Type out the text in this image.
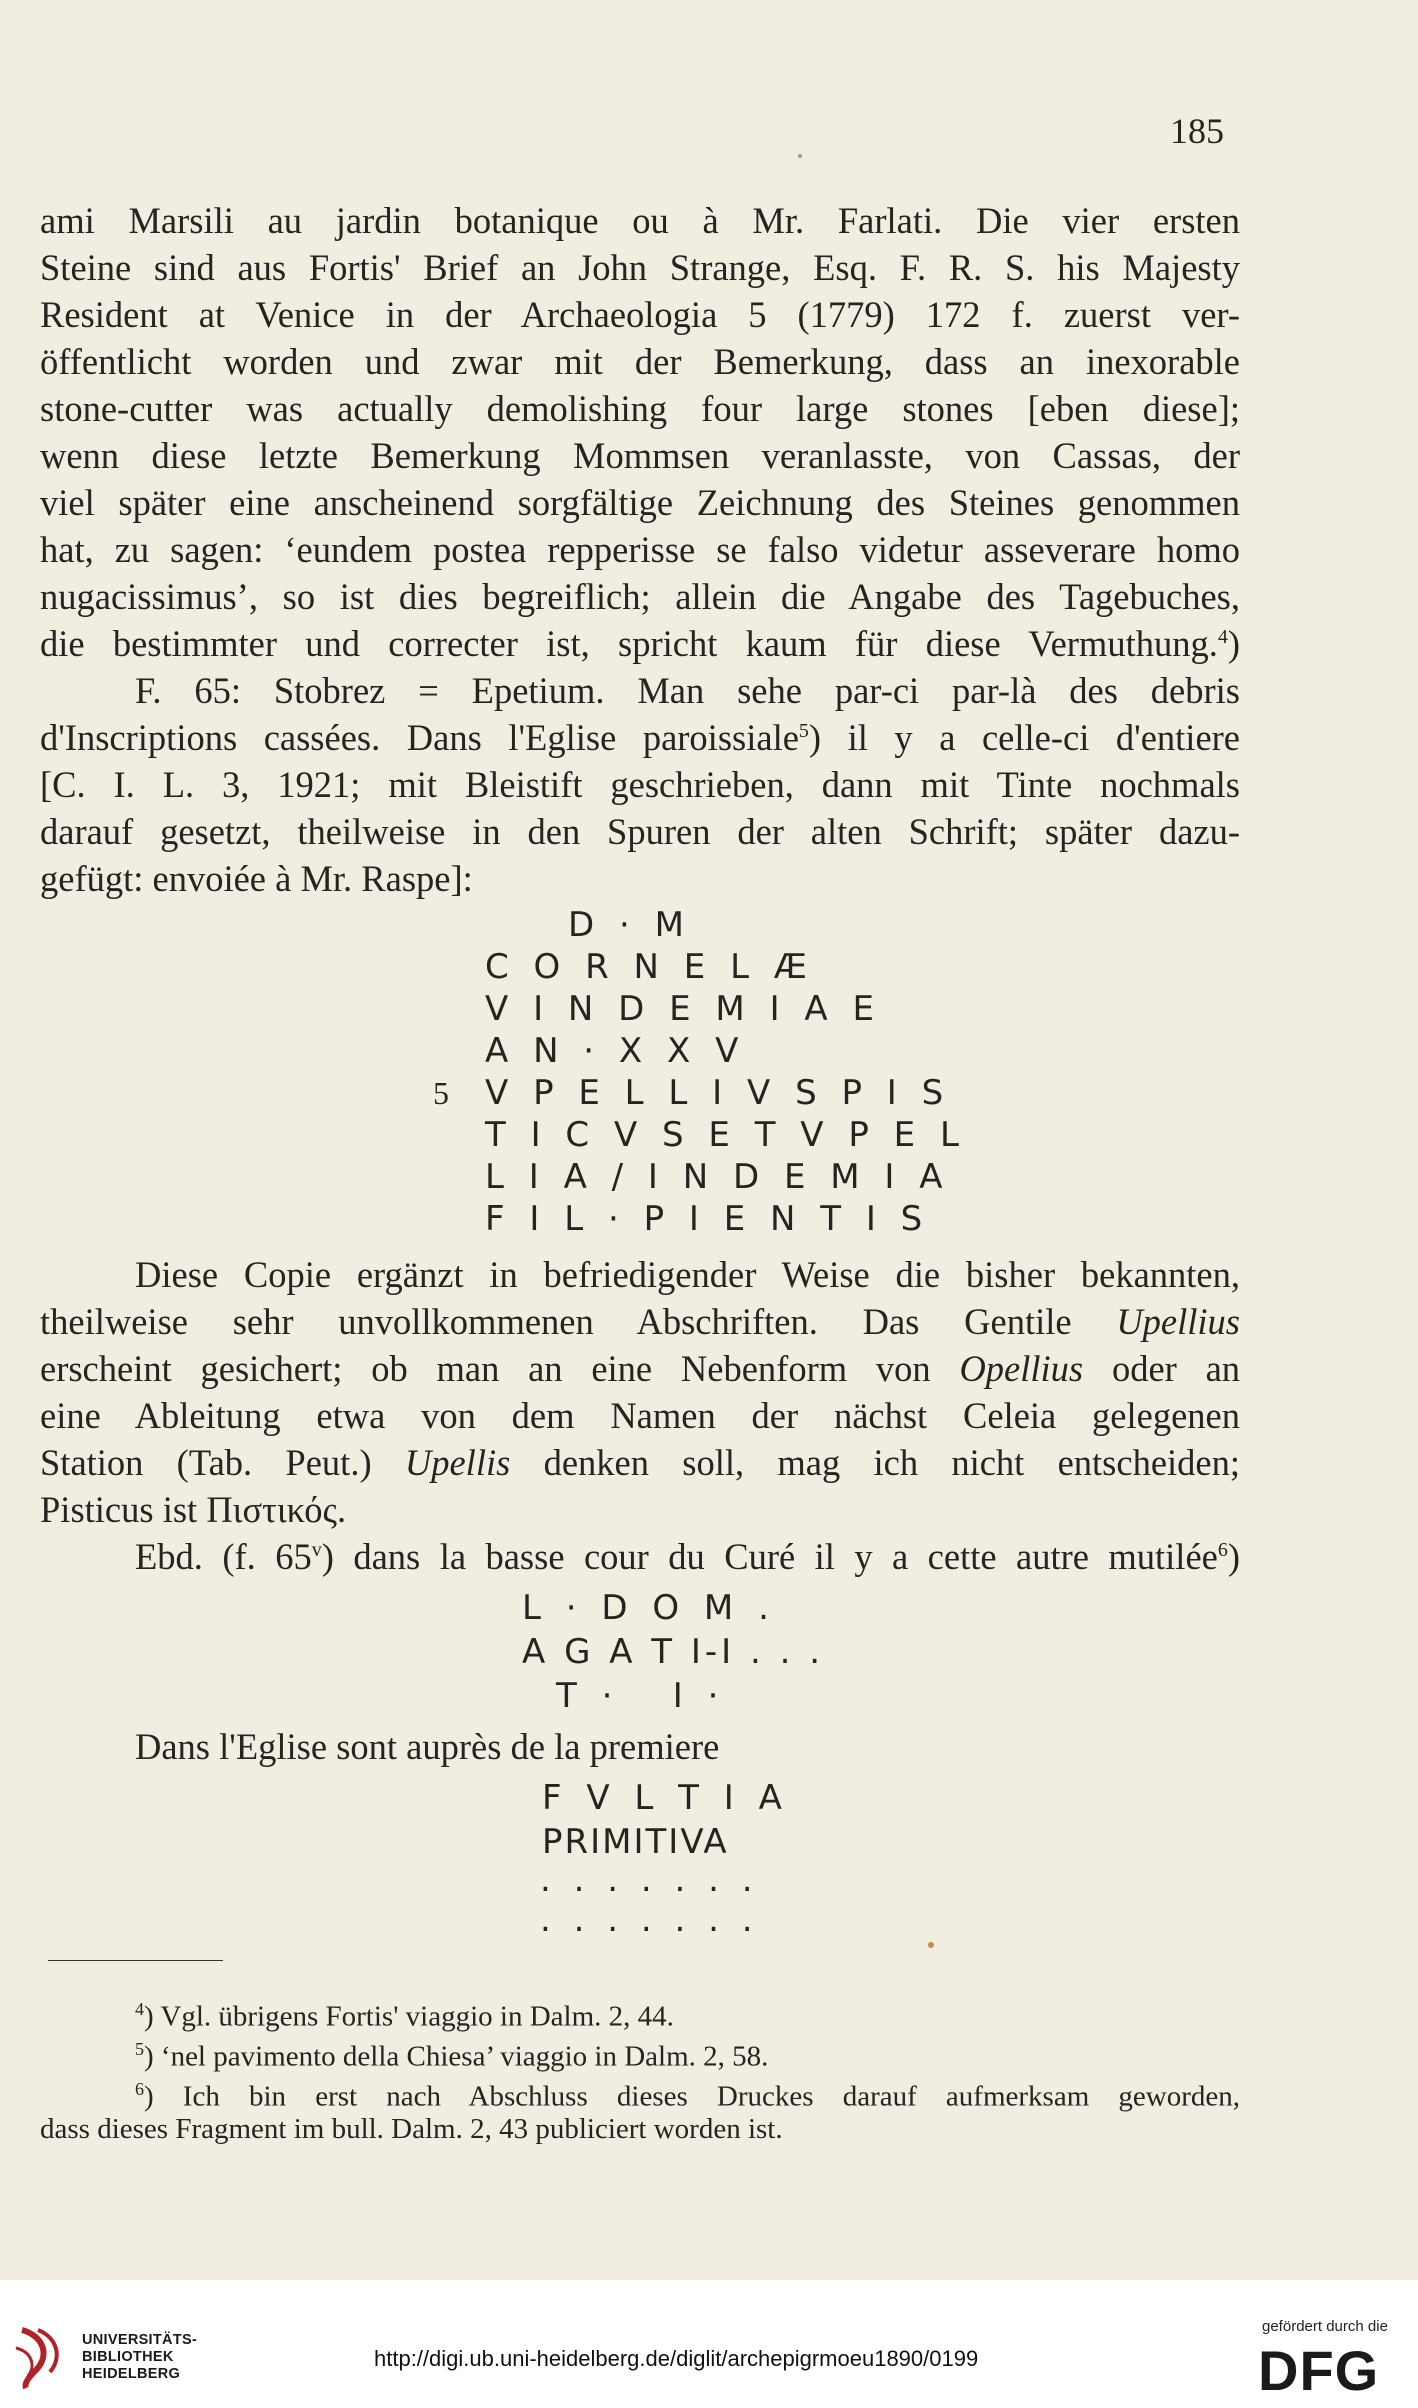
185
ami Marsili au jardin botanique ou à Mr. Farlati. Die vier ersten
Steine sind aus Fortis' Brief an John Strange, Esq. F. R. S. his Majesty
Resident at Venice in der Archaeologia 5 (1779) 172 f. zuerst ver-
öffentlicht worden und zwar mit der Bemerkung, dass an inexorable
stone-cutter was actually demolishing four large stones [eben diese];
wenn diese letzte Bemerkung Mommsen veranlasste, von Cassas, der
viel später eine anscheinend sorgfältige Zeichnung des Steines genommen
hat, zu sagen: ‘eundem postea repperisse se falso videtur asseverare homo
nugacissimus’, so ist dies begreiflich; allein die Angabe des Tagebuches,
die bestimmter und correcter ist, spricht kaum für diese Vermuthung.$^4$)
F. 65: Stobrez = Epetium. Man sehe par-ci par-là des debris
d'Inscriptions cassées. Dans l'Eglise paroissiale$^5$) il y a celle-ci d'entiere
[C. I. L. 3, 1921; mit Bleistift geschrieben, dann mit Tinte nochmals
darauf gesetzt, theilweise in den Spuren der alten Schrift; später dazu-
gefügt: envoiée à Mr. Raspe]:
D · M
C O R N E L Æ
V I N D E M I A E
A N · X X V
5 V P E L L I V S P I S
T I C V S E T V P E L
L I A / I N D E M I A
F I L · P I E N T I S
Diese Copie ergänzt in befriedigender Weise die bisher bekannten,
theilweise sehr unvollkommenen Abschriften. Das Gentile Upellius
erscheint gesichert; ob man an eine Nebenform von Opellius oder an
eine Ableitung etwa von dem Namen der nächst Celeia gelegenen
Station (Tab. Peut.) Upellis denken soll, mag ich nicht entscheiden;
Pisticus ist Πιστικός.
Ebd. (f. 65$^v$) dans la basse cour du Curé il y a cette autre mutilée$^6$)
L · D O M .
A G A T I-I . . .
T ·   I ·
Dans l'Eglise sont auprès de la premiere
F V L T I A
PRIMITIVA
. . . . . . .
. . . . . . .
$^4$) Vgl. übrigens Fortis' viaggio in Dalm. 2, 44.
$^5$) ‘nel pavimento della Chiesa’ viaggio in Dalm. 2, 58.
$^6$) Ich bin erst nach Abschluss dieses Druckes darauf aufmerksam geworden,
dass dieses Fragment im bull. Dalm. 2, 43 publiciert worden ist.
UNIVERSITÄTS-
BIBLIOTHEK
HEIDELBERG
http://digi.ub.uni-heidelberg.de/diglit/archepigrmoeu1890/0199
gefördert durch die
DFG
